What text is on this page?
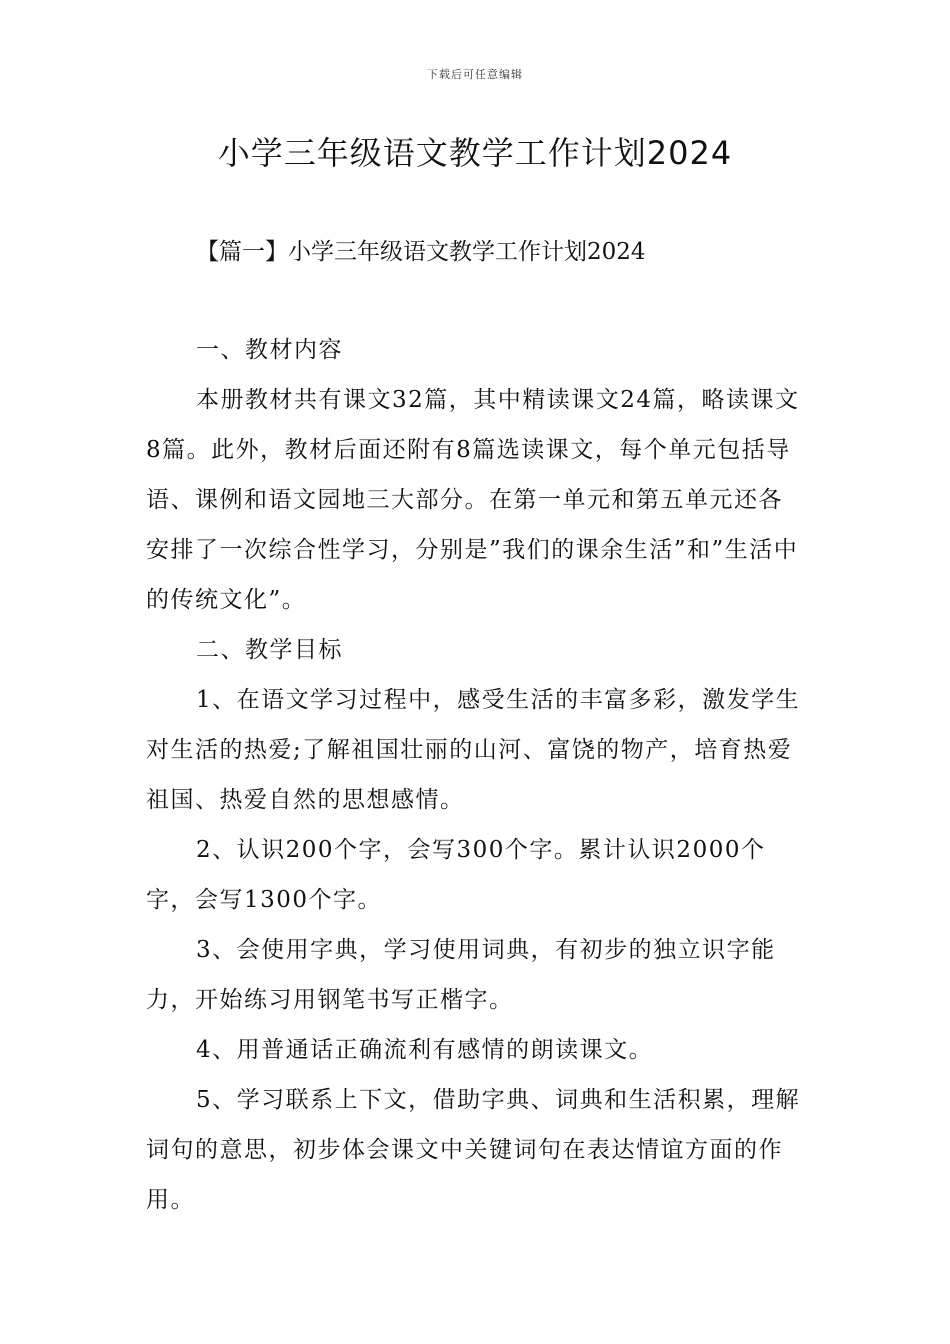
下载后可任意编辑
小学三年级语文教学工作计划2024
【篇一】小学三年级语文教学工作计划2024

一、教材内容

本册教材共有课文32篇，其中精读课文24篇，略读课文8篇。此外，教材后面还附有8篇选读课文，每个单元包括导语、课例和语文园地三大部分。在第一单元和第五单元还各安排了一次综合性学习，分别是”我们的课余生活”和”生活中的传统文化”。

二、教学目标

1、在语文学习过程中，感受生活的丰富多彩，激发学生对生活的热爱;了解祖国壮丽的山河、富饶的物产，培育热爱祖国、热爱自然的思想感情。

2、认识200个字，会写300个字。累计认识2000个字，会写1300个字。

3、会使用字典，学习使用词典，有初步的独立识字能力，开始练习用钢笔书写正楷字。

4、用普通话正确流利有感情的朗读课文。

5、学习联系上下文，借助字典、词典和生活积累，理解词句的意思，初步体会课文中关键词句在表达情谊方面的作用。
